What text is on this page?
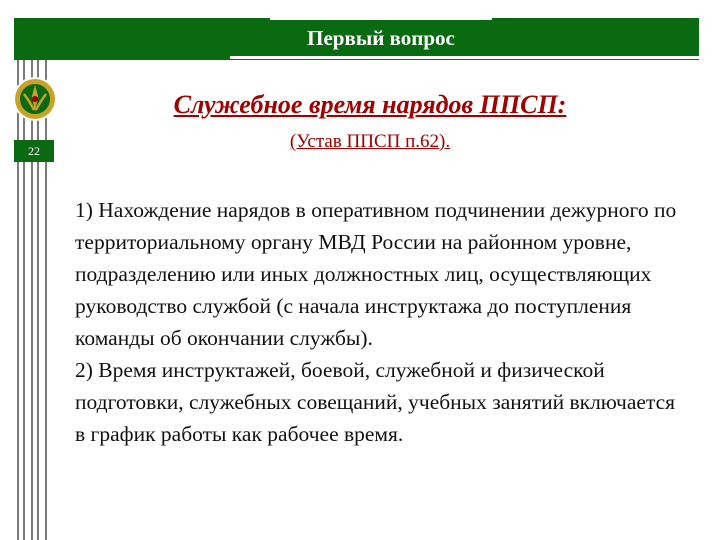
Первый вопрос
22
Служебное время нарядов ППСП:
(Устав ППСП п.62).

1) Нахождение нарядов в оперативном подчинении дежурного по территориальному органу МВД России на районном уровне, подразделению или иных должностных лиц, осуществляющих руководство службой (с начала инструктажа до поступления команды об окончании службы).

2) Время инструктажей, боевой, служебной и физической подготовки, служебных совещаний, учебных занятий включается в график работы как рабочее время.
